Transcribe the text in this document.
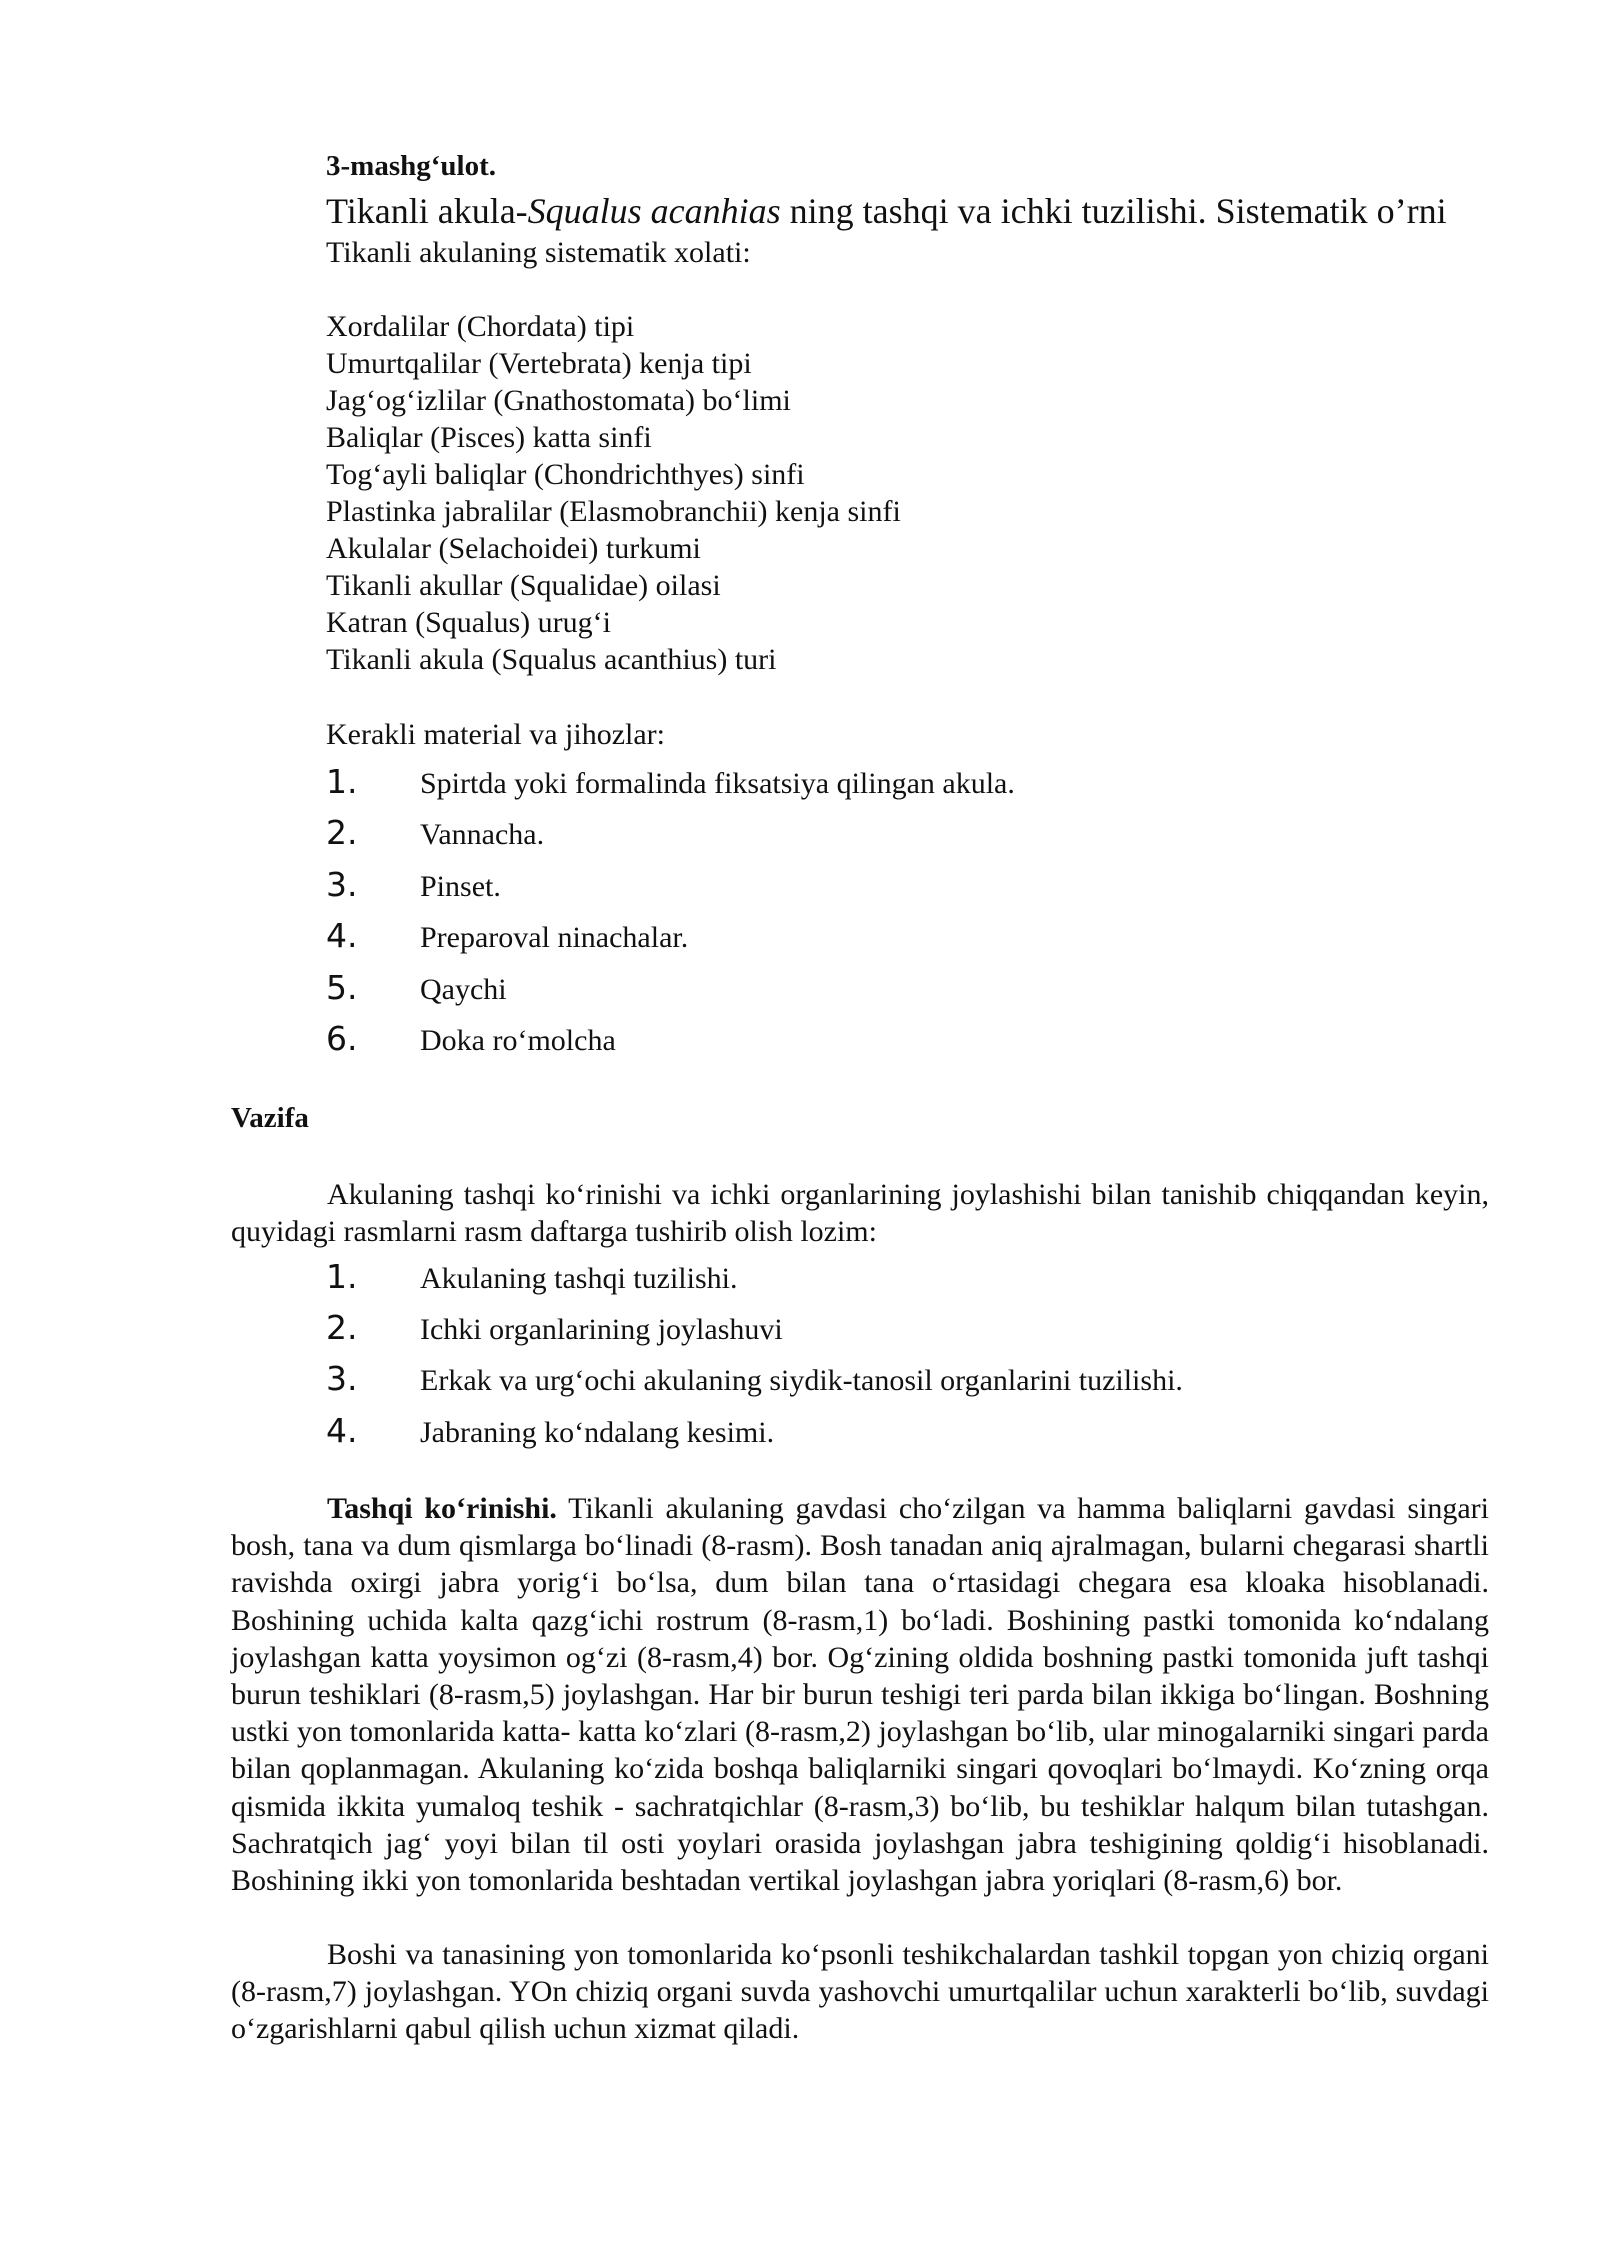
3-mashg‘ulot.
Tikanli akula-Squalus acanhias ning tashqi va ichki tuzilishi. Sistematik o’rni
Tikanli akulaning sistematik xolati:
Xordalilar (Chordata) tipi
Umurtqalilar (Vertebrata) kenja tipi
Jag‘og‘izlilar (Gnathostomata) bo‘limi
Baliqlar (Pisces) katta sinfi
Tog‘ayli baliqlar (Chondrichthyes) sinfi
Plastinka jabralilar (Elasmobranchii) kenja sinfi
Akulalar (Selachoidei) turkumi
Tikanli akullar (Squalidae) oilasi
Katran (Squalus) urug‘i
Tikanli akula (Squalus acanthius) turi
Kerakli material va jihozlar:
1. Spirtda yoki formalinda fiksatsiya qilingan akula.
2. Vannacha.
3. Pinset.
4. Preparoval ninachalar.
5. Qaychi
6. Doka ro‘molcha
Vazifa
Akulaning tashqi ko‘rinishi va ichki organlarining joylashishi bilan tanishib chiqqandan keyin, quyidagi rasmlarni rasm daftarga tushirib olish lozim:
1. Akulaning tashqi tuzilishi.
2. Ichki organlarining joylashuvi
3. Erkak va urg‘ochi akulaning siydik-tanosil organlarini tuzilishi.
4. Jabraning ko‘ndalang kesimi.
Tashqi ko‘rinishi. Tikanli akulaning gavdasi cho‘zilgan va hamma baliqlarni gavdasi singari bosh, tana va dum qismlarga bo‘linadi (8-rasm). Bosh tanadan aniq ajralmagan, bularni chegarasi shartli ravishda oxirgi jabra yorig‘i bo‘lsa, dum bilan tana o‘rtasidagi chegara esa kloaka hisoblanadi. Boshining uchida kalta qazg‘ichi rostrum (8-rasm,1) bo‘ladi. Boshining pastki tomonida ko‘ndalang joylashgan katta yoysimon og‘zi (8-rasm,4) bor. Og‘zining oldida boshning pastki tomonida juft tashqi burun teshiklari (8-rasm,5) joylashgan. Har bir burun teshigi teri parda bilan ikkiga bo‘lingan. Boshning ustki yon tomonlarida katta- katta ko‘zlari (8-rasm,2) joylashgan bo‘lib, ular minogalarniki singari parda bilan qoplanmagan. Akulaning ko‘zida boshqa baliqlarniki singari qovoqlari bo‘lmaydi. Ko‘zning orqa qismida ikkita yumaloq teshik - sachratqichlar (8-rasm,3) bo‘lib, bu teshiklar halqum bilan tutashgan. Sachratqich jag‘ yoyi bilan til osti yoylari orasida joylashgan jabra teshigining qoldig‘i hisoblanadi. Boshining ikki yon tomonlarida beshtadan vertikal joylashgan jabra yoriqlari (8-rasm,6) bor.
Boshi va tanasining yon tomonlarida ko‘psonli teshikchalardan tashkil topgan yon chiziq organi (8-rasm,7) joylashgan. YOn chiziq organi suvda yashovchi umurtqalilar uchun xarakterli bo‘lib, suvdagi o‘zgarishlarni qabul qilish uchun xizmat qiladi.
